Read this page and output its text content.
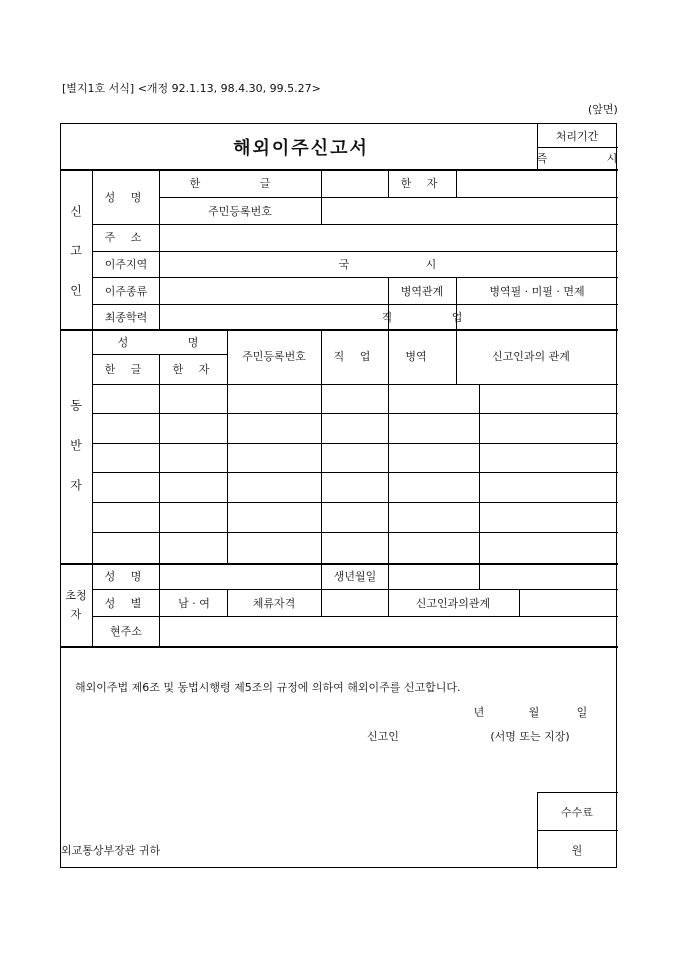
[별지1호 서식] <개정 92.1.13, 98.4.30, 99.5.27>
(앞면)
해외이주신고서
처리기간
즉 시
신
고
인
성 명
한 글	한 자
주민등록번호
주 소
이주지역	국	시
이주종류	병역관계	병역필 · 미필 · 면제
최종학력	직 업
동
반
자
성 명
한 글 한 자
주민등록번호	직 업	병역	신고인과의 관계
초청
자
성 명	생년월일
성 별	남 · 여	체류자격	신고인과의관계
현주소
해외이주법 제6조 및 동법시행령 제5조의 규정에 의하여 해외이주를 신고합니다.
년	월	일
신고인	(서명 또는 지장)
수수료
원
외교통상부장관 귀하
